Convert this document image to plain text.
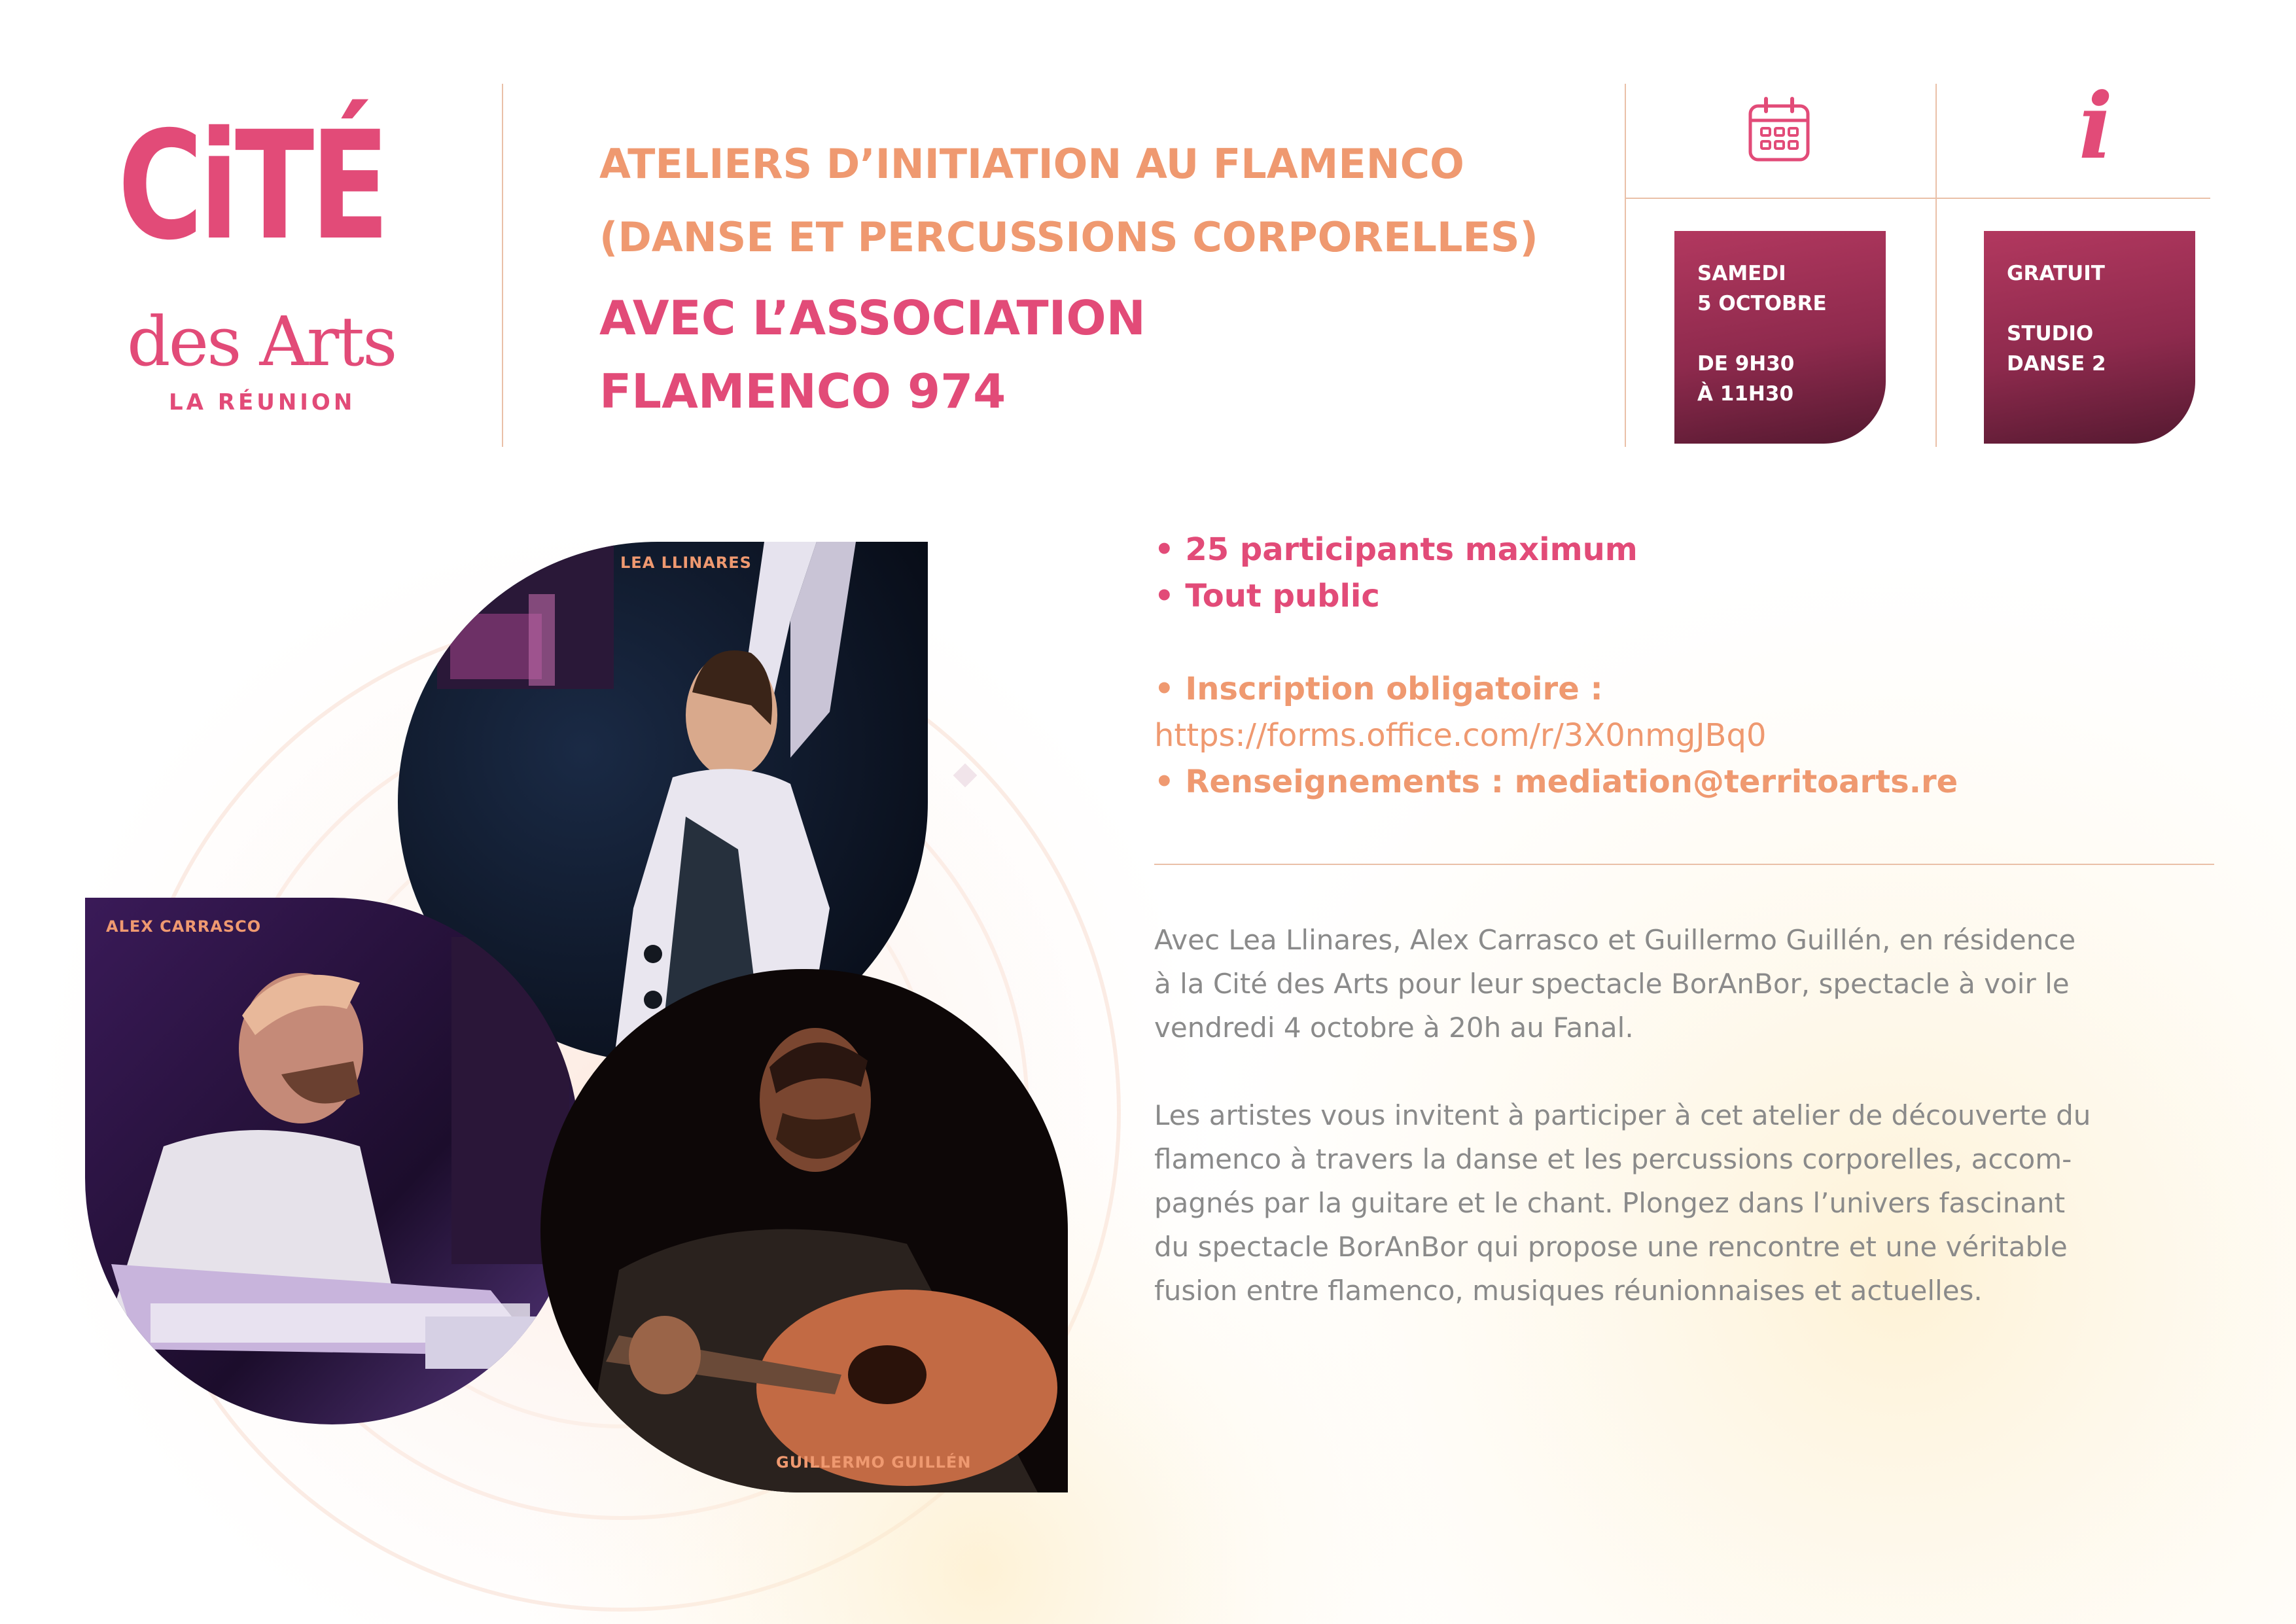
CiTÉ
des Arts
LA RÉUNION
ATELIERS D’INITIATION AU FLAMENCO
(DANSE ET PERCUSSIONS CORPORELLES)
AVEC L’ASSOCIATION
FLAMENCO 974
i
SAMEDI
5 OCTOBRE
DE 9H30
À 11H30
GRATUIT
STUDIO
DANSE 2
LEA LLINARES
ALEX CARRASCO
GUILLERMO GUILLÉN
• 25 participants maximum
• Tout public
• Inscription obligatoire :
https://forms.office.com/r/3X0nmgJBq0
• Renseignements : mediation@territoarts.re
Avec Lea Llinares, Alex Carrasco et Guillermo Guillén, en résidence
à la Cité des Arts pour leur spectacle BorAnBor, spectacle à voir le
vendredi 4 octobre à 20h au Fanal.
Les artistes vous invitent à participer à cet atelier de découverte du
flamenco à travers la danse et les percussions corporelles, accom-
pagnés par la guitare et le chant. Plongez dans l’univers fascinant
du spectacle BorAnBor qui propose une rencontre et une véritable
fusion entre flamenco, musiques réunionnaises et actuelles.
